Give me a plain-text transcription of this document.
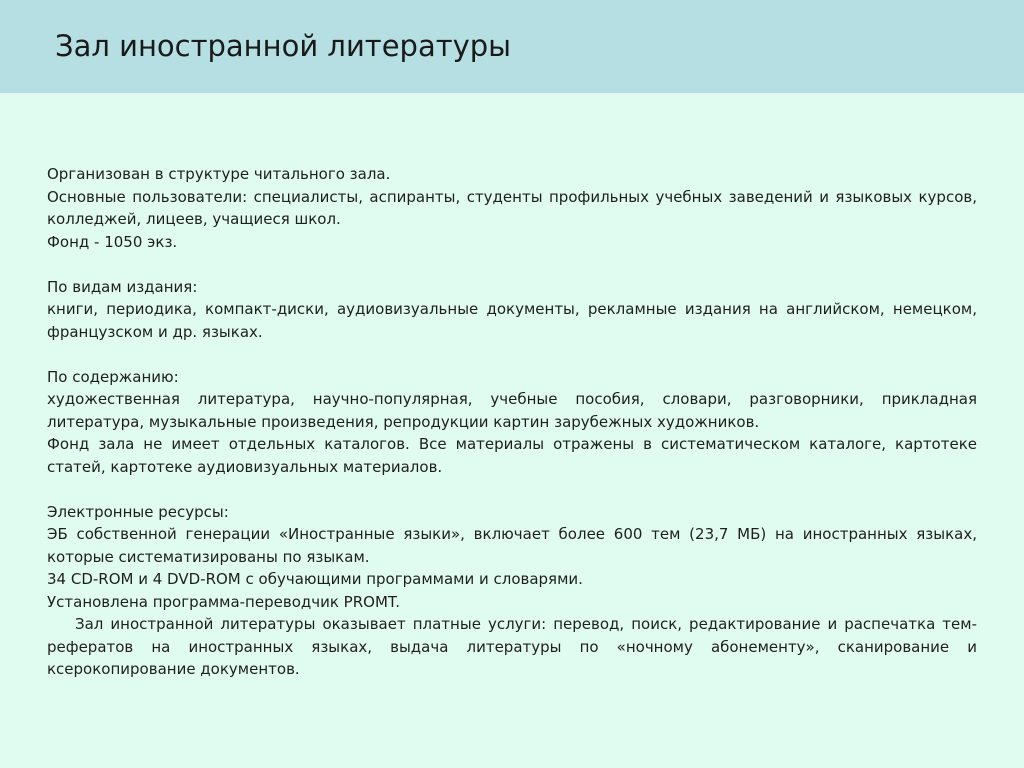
Зал иностранной литературы

Организован в структуре читального зала.

Основные пользователи: специалисты, аспиранты, студенты профильных учебных заведений и языковых курсов, колледжей, лицеев, учащиеся школ.

Фонд - 1050 экз.

По видам издания:

книги, периодика, компакт-диски, аудиовизуальные документы, рекламные издания на английском, немецком, французском и др. языках.

По содержанию:

художественная литература, научно-популярная, учебные пособия, словари, разговорники, прикладная литература, музыкальные произведения, репродукции картин зарубежных художников.

Фонд зала не имеет отдельных каталогов. Все материалы отражены в систематическом каталоге, картотеке статей, картотеке аудиовизуальных материалов.

Электронные ресурсы:

ЭБ собственной генерации «Иностранные языки», включает более 600 тем (23,7 МБ) на иностранных языках, которые систематизированы по языкам.

34 CD-ROM и 4 DVD-ROM с обучающими программами и словарями.

Установлена программа-переводчик PROMT.

Зал иностранной литературы оказывает платные услуги: перевод, поиск, редактирование и распечатка тем-рефератов на иностранных языках, выдача литературы по «ночному абонементу», сканирование и ксерокопирование документов.
